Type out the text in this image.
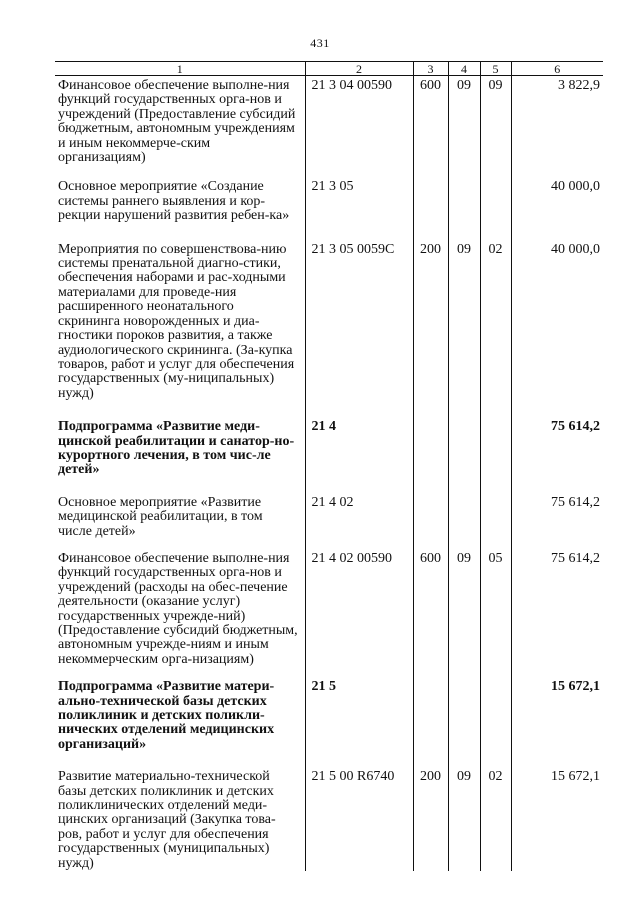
431
1	2	3	4	5	6
Финансовое обеспечение выполне-ния функций государственных орга-нов и учреждений (Предоставление субсидий бюджетным, автономным учреждениям и иным некоммерче-ским организациям)	21 3 04 00590	600	09	09	3 822,9
Основное мероприятие «Создание системы раннего выявления и кор-рекции нарушений развития ребен-ка»	21 3 05				40 000,0
Мероприятия по совершенствова-нию системы пренатальной диагно-стики, обеспечения наборами и рас-ходными материалами для проведе-ния расширенного неонатального скрининга новорожденных и диа-гностики пороков развития, а также аудиологического скрининга. (За-купка товаров, работ и услуг для обеспечения государственных (му-ниципальных) нужд)	21 3 05 0059С	200	09	02	40 000,0
Подпрограмма «Развитие меди-цинской реабилитации и санатор-но-курортного лечения, в том чис-ле детей»	21 4				75 614,2
Основное мероприятие «Развитие медицинской реабилитации, в том числе детей»	21 4 02				75 614,2
Финансовое обеспечение выполне-ния функций государственных орга-нов и учреждений (расходы на обес-печение деятельности (оказание услуг) государственных учрежде-ний) (Предоставление субсидий бюджетным, автономным учрежде-ниям и иным некоммерческим орга-низациям)	21 4 02 00590	600	09	05	75 614,2
Подпрограмма «Развитие матери-ально-технической базы детских поликлиник и детских поликли-нических отделений медицинских организаций»	21 5				15 672,1
Развитие материально-технической базы детских поликлиник и детских поликлинических отделений меди-цинских организаций (Закупка това-ров, работ и услуг для обеспечения государственных (муниципальных) нужд)	21 5 00 R6740	200	09	02	15 672,1
